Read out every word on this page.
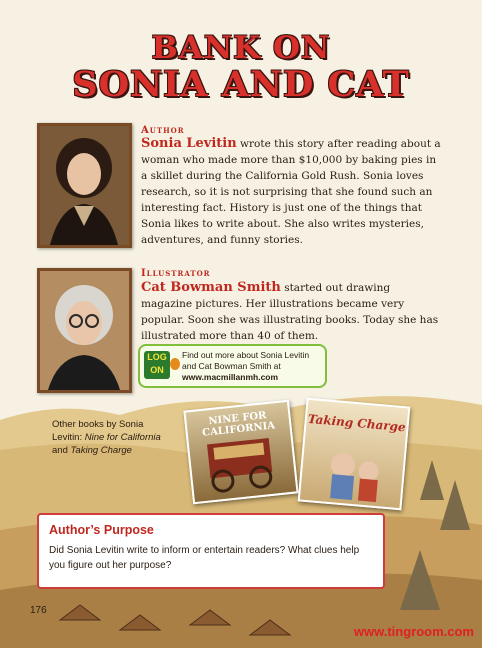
BANK ON
SONIA AND CAT
Author
Sonia Levitin wrote this story after reading about a woman who made more than $10,000 by baking pies in a skillet during the California Gold Rush. Sonia loves research, so it is not surprising that she found such an interesting fact. History is just one of the things that Sonia likes to write about. She also writes mysteries, adventures, and funny stories.
Illustrator
Cat Bowman Smith started out drawing magazine pictures. Her illustrations became very popular. Soon she was illustrating books. Today she has illustrated more than 40 of them.
LOG
ON
Find out more about Sonia Levitin and Cat Bowman Smith at
www.macmillanmh.com
Other books by Sonia Levitin: Nine for California and Taking Charge
NINE FOR CALIFORNIA	Taking Charge
Author’s Purpose
Did Sonia Levitin write to inform or entertain readers? What clues help you figure out her purpose?
176
www.tingroom.com
